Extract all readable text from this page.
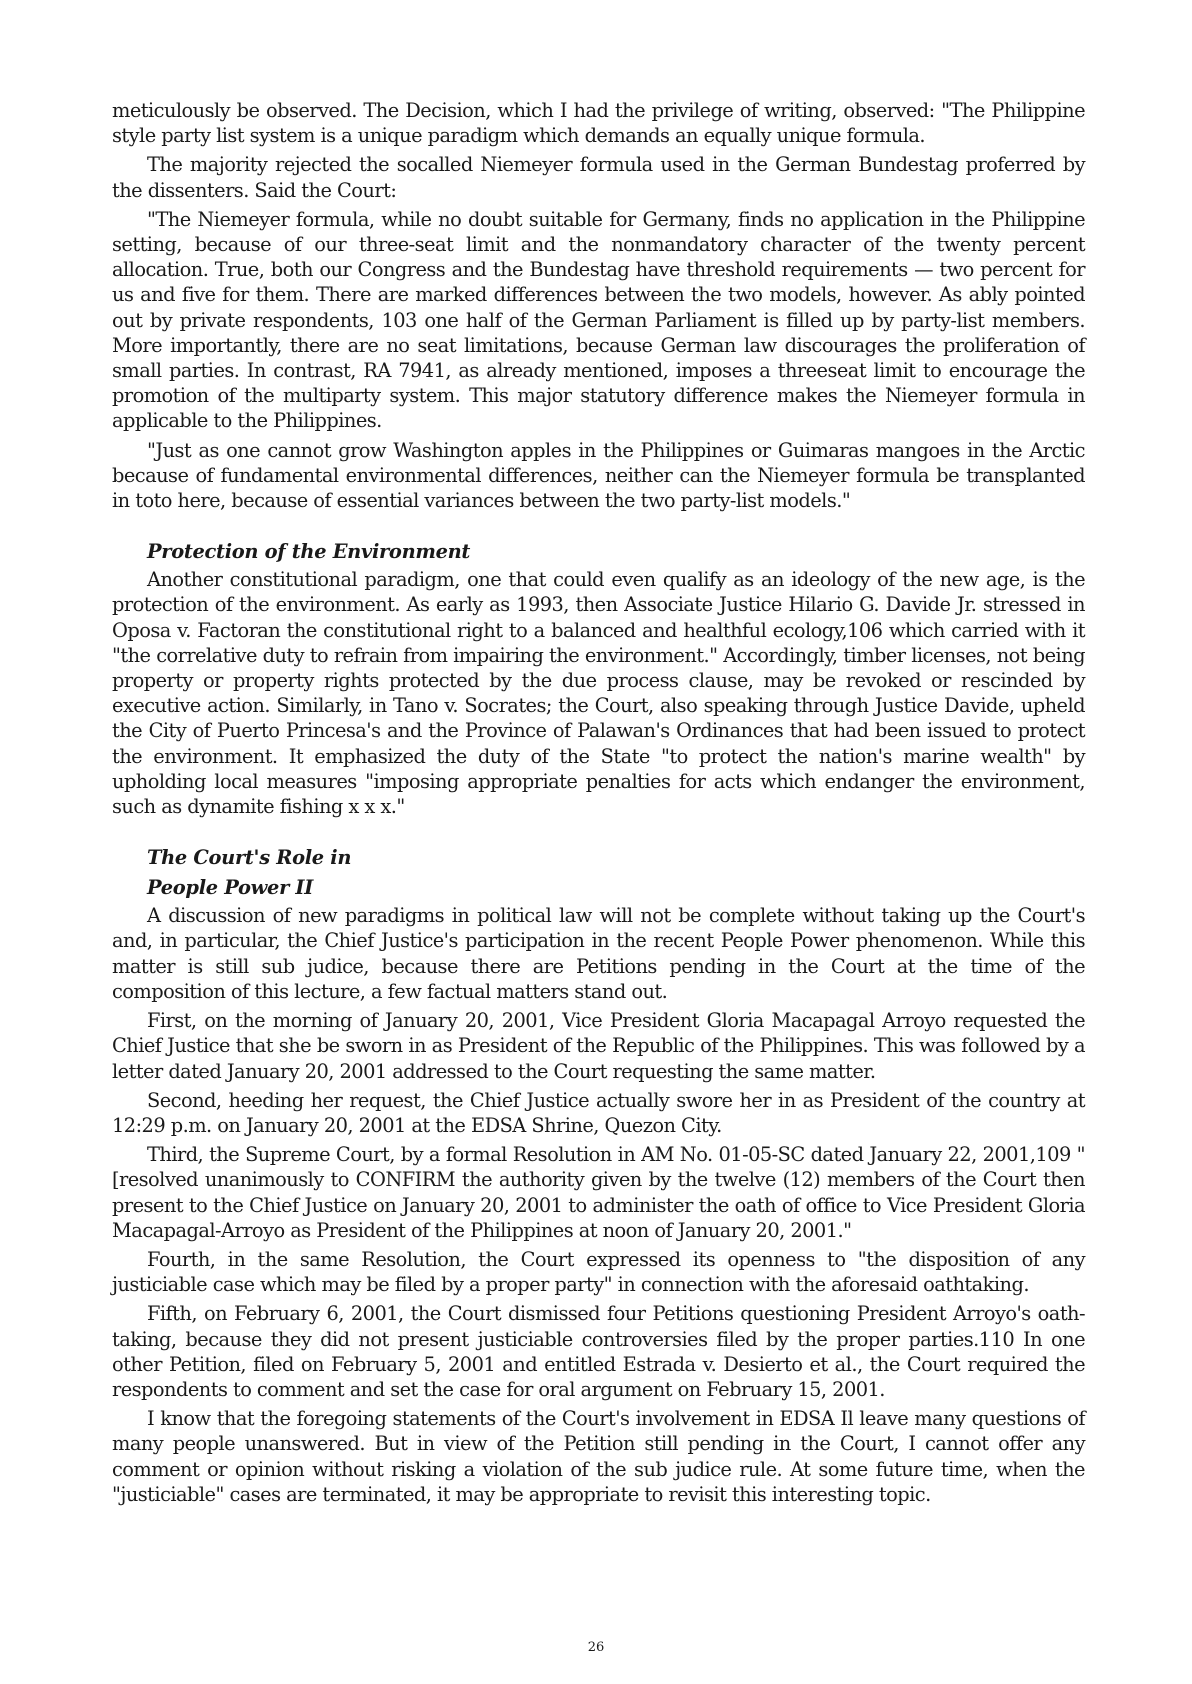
meticulously be observed. The Decision, which I had the privilege of writing, observed: "The Philippine style party list system is a unique paradigm which demands an equally unique formula.

The majority rejected the socalled Niemeyer formula used in the German Bundestag proferred by the dissenters. Said the Court:

"The Niemeyer formula, while no doubt suitable for Germany, finds no application in the Philippine setting, because of our three-seat limit and the nonmandatory character of the twenty percent allocation. True, both our Congress and the Bundestag have threshold requirements — two percent for us and five for them. There are marked differences between the two models, however. As ably pointed out by private respondents, 103 one half of the German Parliament is filled up by party-list members. More importantly, there are no seat limitations, because German law discourages the proliferation of small parties. In contrast, RA 7941, as already mentioned, imposes a threeseat limit to encourage the promotion of the multiparty system. This major statutory difference makes the Niemeyer formula in applicable to the Philippines.

"Just as one cannot grow Washington apples in the Philippines or Guimaras mangoes in the Arctic because of fundamental environmental differences, neither can the Niemeyer formula be transplanted in toto here, because of essential variances between the two party-list models."

Protection of the Environment

Another constitutional paradigm, one that could even qualify as an ideology of the new age, is the protection of the environment. As early as 1993, then Associate Justice Hilario G. Davide Jr. stressed in Oposa v. Factoran the constitutional right to a balanced and healthful ecology,106 which carried with it "the correlative duty to refrain from impairing the environment." Accordingly, timber licenses, not being property or property rights protected by the due process clause, may be revoked or rescinded by executive action. Similarly, in Tano v. Socrates; the Court, also speaking through Justice Davide, upheld the City of Puerto Princesa's and the Province of Palawan's Ordinances that had been issued to protect the environment. It emphasized the duty of the State "to protect the nation's marine wealth" by upholding local measures "imposing appropriate penalties for acts which endanger the environment, such as dynamite fishing x x x."

The Court's Role in
People Power II

A discussion of new paradigms in political law will not be complete without taking up the Court's and, in particular, the Chief Justice's participation in the recent People Power phenomenon. While this matter is still sub judice, because there are Petitions pending in the Court at the time of the composition of this lecture, a few factual matters stand out.

First, on the morning of January 20, 2001, Vice President Gloria Macapagal Arroyo requested the Chief Justice that she be sworn in as President of the Republic of the Philippines. This was followed by a letter dated January 20, 2001 addressed to the Court requesting the same matter.

Second, heeding her request, the Chief Justice actually swore her in as President of the country at 12:29 p.m. on January 20, 2001 at the EDSA Shrine, Quezon City.

Third, the Supreme Court, by a formal Resolution in AM No. 01-05-SC dated January 22, 2001,109 "[resolved unanimously to CONFIRM the authority given by the twelve (12) members of the Court then present to the Chief Justice on January 20, 2001 to administer the oath of office to Vice President Gloria Macapagal-Arroyo as President of the Philippines at noon of January 20, 2001."

Fourth, in the same Resolution, the Court expressed its openness to "the disposition of any justiciable case which may be filed by a proper party" in connection with the aforesaid oathtaking.

Fifth, on February 6, 2001, the Court dismissed four Petitions questioning President Arroyo's oath-taking, because they did not present justiciable controversies filed by the proper parties.110 In one other Petition, filed on February 5, 2001 and entitled Estrada v. Desierto et al., the Court required the respondents to comment and set the case for oral argument on February 15, 2001.

I know that the foregoing statements of the Court's involvement in EDSA Il leave many questions of many people unanswered. But in view of the Petition still pending in the Court, I cannot offer any comment or opinion without risking a violation of the sub judice rule. At some future time, when the "justiciable" cases are terminated, it may be appropriate to revisit this interesting topic.

26
